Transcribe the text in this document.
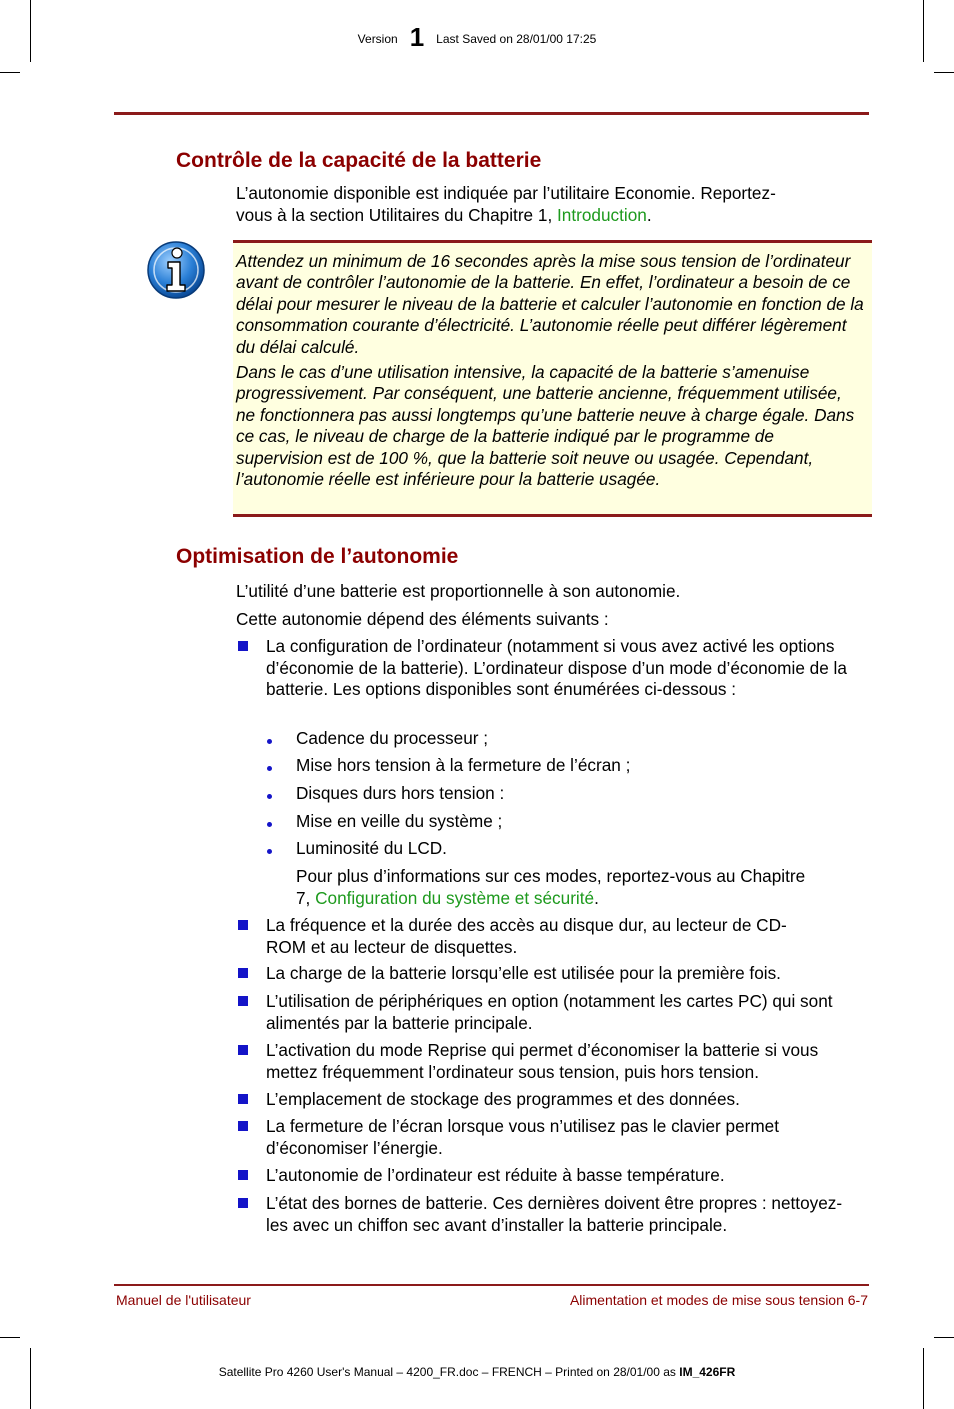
Version 1 Last Saved on 28/01/00 17:25
Contrôle de la capacité de la batterie

L’autonomie disponible est indiquée par l’utilitaire Economie. Reportez-
vous à la section Utilitaires du Chapitre 1, Introduction.

Attendez un minimum de 16 secondes après la mise sous tension de l’ordinateur avant de contrôler l’autonomie de la batterie. En effet, l’ordinateur a besoin de ce délai pour mesurer le niveau de la batterie et calculer l’autonomie en fonction de la consommation courante d’électricité. L’autonomie réelle peut différer légèrement du délai calculé.

Dans le cas d’une utilisation intensive, la capacité de la batterie s’amenuise progressivement. Par conséquent, une batterie ancienne, fréquemment utilisée, ne fonctionnera pas aussi longtemps qu’une batterie neuve à charge égale. Dans ce cas, le niveau de charge de la batterie indiqué par le programme de supervision est de 100 %, que la batterie soit neuve ou usagée. Cependant, l’autonomie réelle est inférieure pour la batterie usagée.

Optimisation de l’autonomie

L’utilité d’une batterie est proportionnelle à son autonomie.

Cette autonomie dépend des éléments suivants :

La configuration de l’ordinateur (notamment si vous avez activé les options d’économie de la batterie). L’ordinateur dispose d’un mode d’économie de la batterie. Les options disponibles sont énumérées ci-dessous :

Cadence du processeur ;

Mise hors tension à la fermeture de l’écran ;

Disques durs hors tension :

Mise en veille du système ;

Luminosité du LCD.

Pour plus d’informations sur ces modes, reportez-vous au Chapitre 7, Configuration du système et sécurité.

La fréquence et la durée des accès au disque dur, au lecteur de CD-ROM et au lecteur de disquettes.

La charge de la batterie lorsqu’elle est utilisée pour la première fois.

L’utilisation de périphériques en option (notamment les cartes PC) qui sont alimentés par la batterie principale.

L’activation du mode Reprise qui permet d’économiser la batterie si vous mettez fréquemment l’ordinateur sous tension, puis hors tension.

L’emplacement de stockage des programmes et des données.

La fermeture de l’écran lorsque vous n’utilisez pas le clavier permet d’économiser l’énergie.

L’autonomie de l’ordinateur est réduite à basse température.

L’état des bornes de batterie. Ces dernières doivent être propres : nettoyez-les avec un chiffon sec avant d’installer la batterie principale.

Manuel de l'utilisateur	Alimentation et modes de mise sous tension 6-7
Satellite Pro 4260 User's Manual – 4200_FR.doc – FRENCH – Printed on 28/01/00 as IM_426FR
